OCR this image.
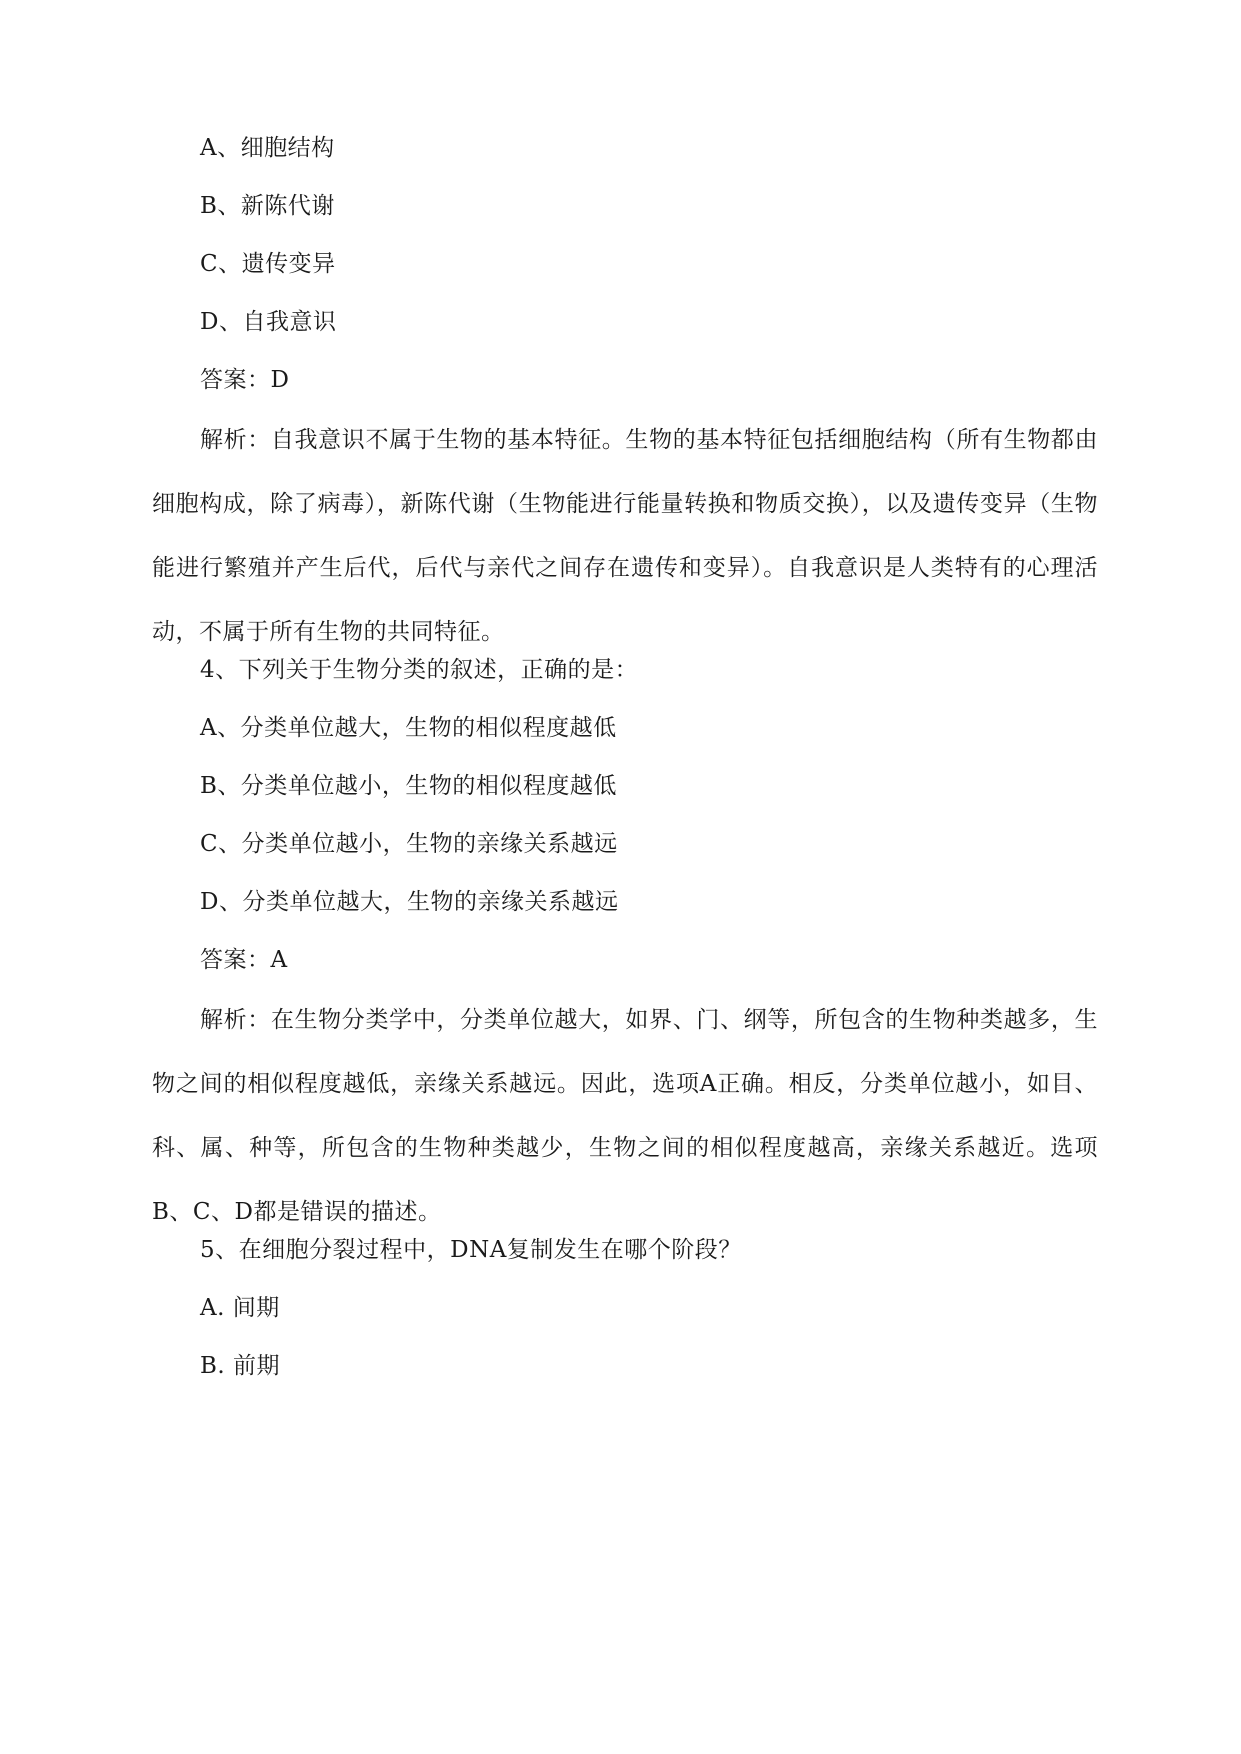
A、细胞结构
B、新陈代谢
C、遗传变异
D、自我意识
答案：D
解析：自我意识不属于生物的基本特征。生物的基本特征包括细胞结构（所有生物都由细胞构成，除了病毒），新陈代谢（生物能进行能量转换和物质交换），以及遗传变异（生物能进行繁殖并产生后代，后代与亲代之间存在遗传和变异）。自我意识是人类特有的心理活动，不属于所有生物的共同特征。
4、下列关于生物分类的叙述，正确的是：
A、分类单位越大，生物的相似程度越低
B、分类单位越小，生物的相似程度越低
C、分类单位越小，生物的亲缘关系越远
D、分类单位越大，生物的亲缘关系越远
答案：A
解析：在生物分类学中，分类单位越大，如界、门、纲等，所包含的生物种类越多，生物之间的相似程度越低，亲缘关系越远。因此，选项A正确。相反，分类单位越小，如目、科、属、种等，所包含的生物种类越少，生物之间的相似程度越高，亲缘关系越近。选项B、C、D都是错误的描述。
5、在细胞分裂过程中，DNA复制发生在哪个阶段？
A. 间期
B. 前期
